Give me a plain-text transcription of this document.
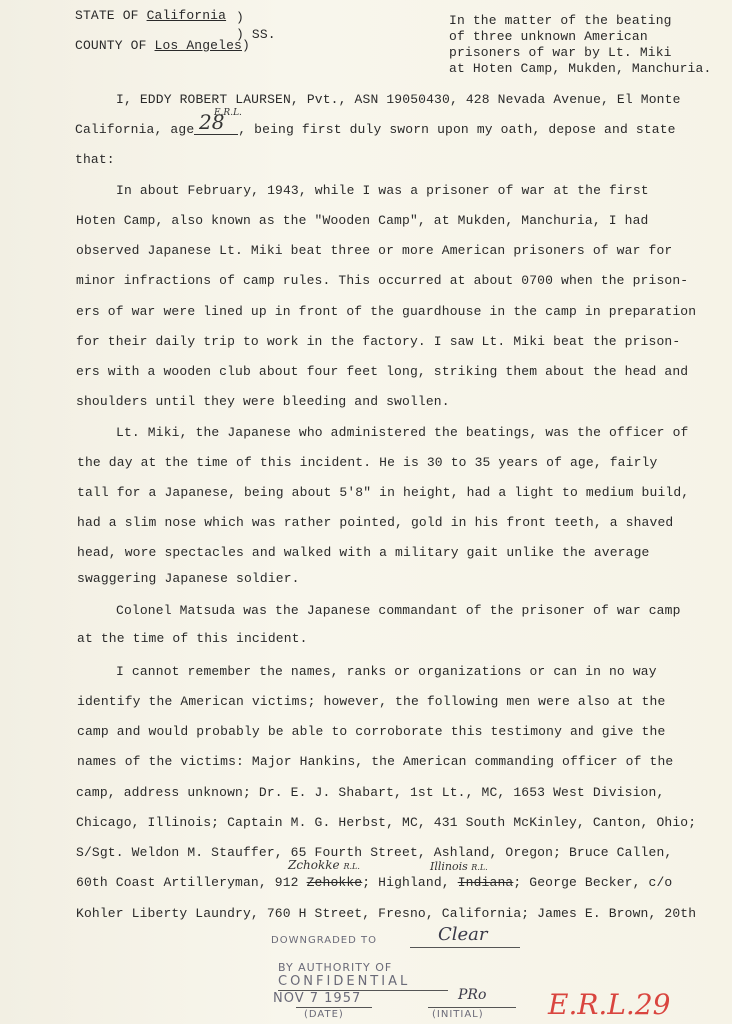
STATE OF California )
) SS.
COUNTY OF Los Angeles)
In the matter of the beating
of three unknown American
prisoners of war by Lt. Miki
at Hoten Camp, Mukden, Manchuria.
I, EDDY ROBERT LAURSEN, Pvt., ASN 19050430, 428 Nevada Avenue, El Monte
California, age	, being first duly sworn upon my oath, depose and state
28
E.R.L.
that:
In about February, 1943, while I was a prisoner of war at the first
Hoten Camp, also known as the "Wooden Camp", at Mukden, Manchuria, I had
observed Japanese Lt. Miki beat three or more American prisoners of war for
minor infractions of camp rules. This occurred at about 0700 when the prison-
ers of war were lined up in front of the guardhouse in the camp in preparation
for their daily trip to work in the factory. I saw Lt. Miki beat the prison-
ers with a wooden club about four feet long, striking them about the head and
shoulders until they were bleeding and swollen.
Lt. Miki, the Japanese who administered the beatings, was the officer of
the day at the time of this incident. He is 30 to 35 years of age, fairly
tall for a Japanese, being about 5'8" in height, had a light to medium build,
had a slim nose which was rather pointed, gold in his front teeth, a shaved
head, wore spectacles and walked with a military gait unlike the average
swaggering Japanese soldier.
Colonel Matsuda was the Japanese commandant of the prisoner of war camp
at the time of this incident.
I cannot remember the names, ranks or organizations or can in no way
identify the American victims; however, the following men were also at the
camp and would probably be able to corroborate this testimony and give the
names of the victims: Major Hankins, the American commanding officer of the
camp, address unknown; Dr. E. J. Shabart, 1st Lt., MC, 1653 West Division,
Chicago, Illinois; Captain M. G. Herbst, MC, 431 South McKinley, Canton, Ohio;
S/Sgt. Weldon M. Stauffer, 65 Fourth Street, Ashland, Oregon; Bruce Callen,
60th Coast Artilleryman, 912 Zehokke; Highland, Indiana; George Becker, c/o
Zchokke R.L.	Illinois R.L.
Kohler Liberty Laundry, 760 H Street, Fresno, California; James E. Brown, 20th
DOWNGRADED TO	Clear
BY AUTHORITY OF
CONFIDENTIAL
NOV 7 1957	PRo
(DATE)	(INITIAL) E.R.L.29
